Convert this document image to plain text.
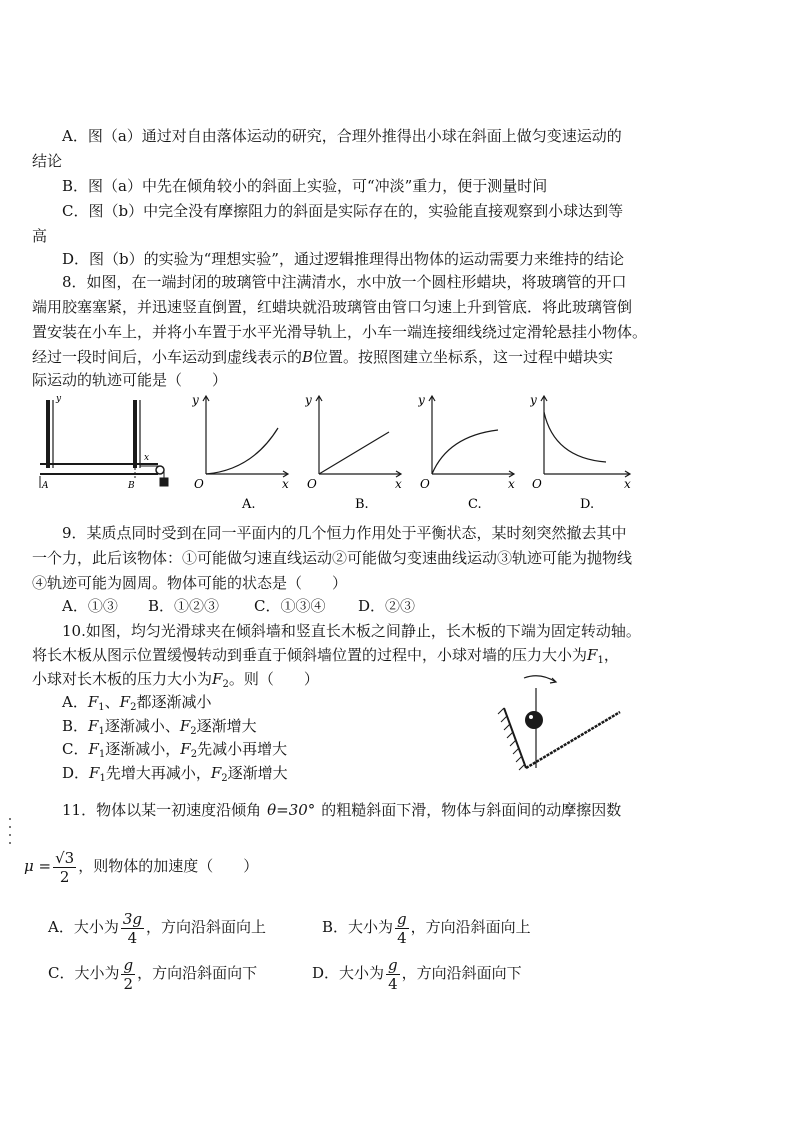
A．图（a）通过对自由落体运动的研究，合理外推得出小球在斜面上做匀变速运动的
结论
B．图（a）中先在倾角较小的斜面上实验，可“冲淡”重力，便于测量时间
C．图（b）中完全没有摩擦阻力的斜面是实际存在的，实验能直接观察到小球达到等
高
D．图（b）的实验为“理想实验”，通过逻辑推理得出物体的运动需要力来维持的结论
8．如图，在一端封闭的玻璃管中注满清水，水中放一个圆柱形蜡块，将玻璃管的开口
端用胶塞塞紧，并迅速竖直倒置，红蜡块就沿玻璃管由管口匀速上升到管底．将此玻璃管倒
置安装在小车上，并将小车置于水平光滑导轨上，小车一端连接细线绕过定滑轮悬挂小物体。
经过一段时间后，小车运动到虚线表示的B位置。按照图建立坐标系，这一过程中蜡块实
际运动的轨迹可能是（　　）
y
x
A	B	O
y
x
A.
O
y
x
B.
O
y
x
C.
O
y
x
D.
9．某质点同时受到在同一平面内的几个恒力作用处于平衡状态，某时刻突然撤去其中
一个力，此后该物体：①可能做匀速直线运动②可能做匀变速曲线运动③轨迹可能为抛物线
④轨迹可能为圆周。物体可能的状态是（　　）
A．①③ B．①②③ C．①③④ D．②③
10.如图，均匀光滑球夹在倾斜墙和竖直长木板之间静止，长木板的下端为固定转动轴。
将长木板从图示位置缓慢转动到垂直于倾斜墙位置的过程中，小球对墙的压力大小为$F_1$，
小球对长木板的压力大小为$F_2$。则（　　）
A．$F_1$、$F_2$都逐渐减小
B．$F_1$逐渐减小、$F_2$逐渐增大
C．$F_1$逐渐减小，$F_2$先减小再增大
D．$F_1$先增大再减小，$F_2$逐渐增大
11．物体以某一初速度沿倾角 θ=30° 的粗糙斜面下滑，物体与斜面间的动摩擦因数
$\mu = \frac{√3}{2}$ ，则物体的加速度（　　）
A．大小为 $\frac{3g}{4}$ ，方向沿斜面向上	B．大小为 $\frac{g}{4}$ ，方向沿斜面向上
C．大小为 $\frac{g}{2}$ ，方向沿斜面向下	D．大小为 $\frac{g}{4}$ ，方向沿斜面向下
